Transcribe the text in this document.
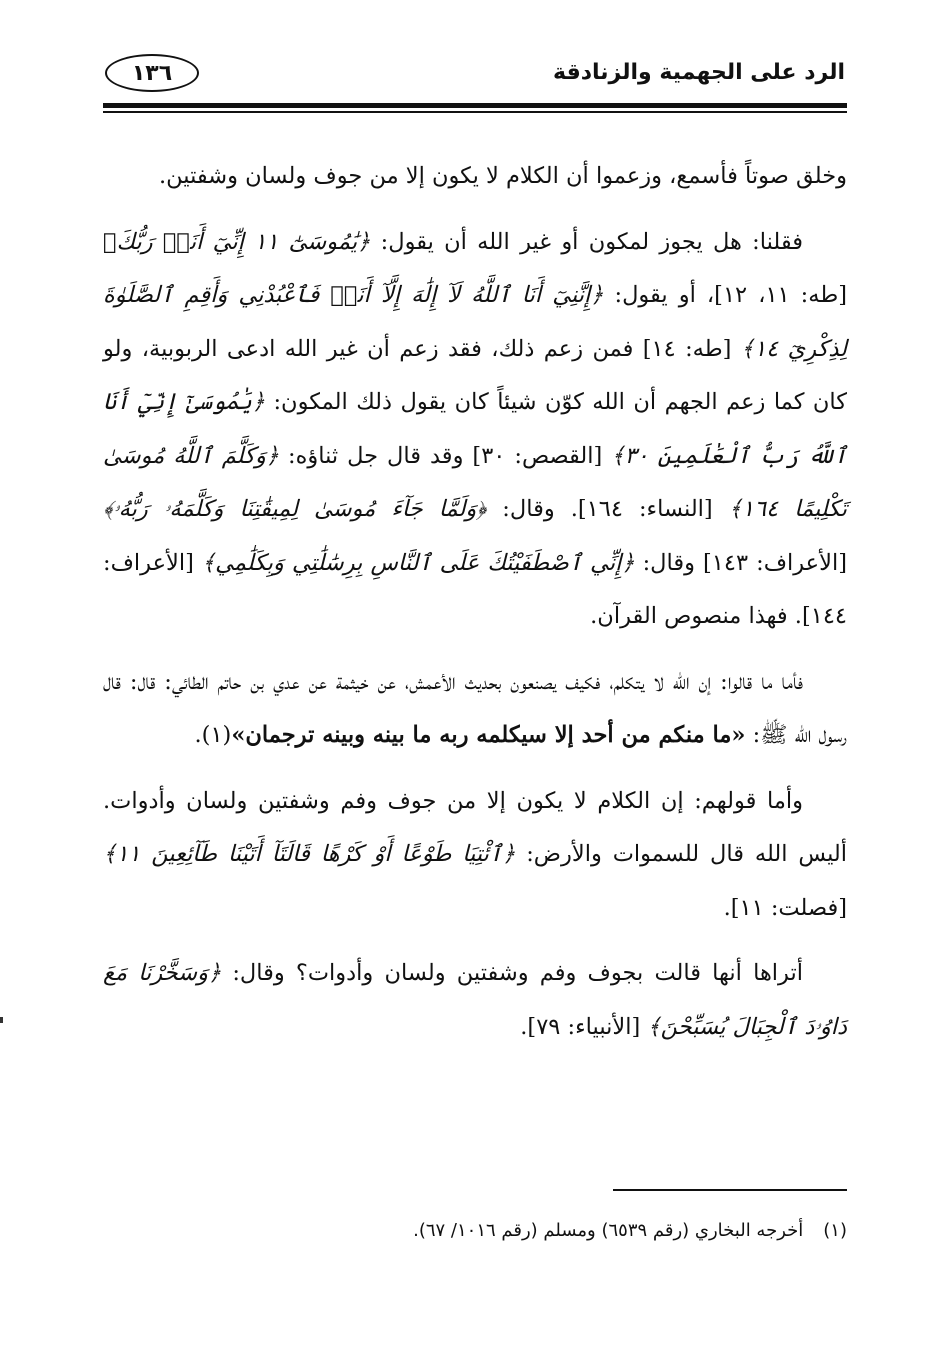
الرد على الجهمية والزنادقة
١٣٦

وخلق صوتاً فأسمع، وزعموا أن الكلام لا يكون إلا من جوف ولسان وشفتين.

فقلنا: هل يجوز لمكون أو غير الله أن يقول: ﴿يَٰمُوسَىٰٓ ١١ إِنِّيٓ أَنَا۠ رَبُّكَ﴾ [طه: ١١، ١٢]، أو يقول: ﴿إِنَّنِيٓ أَنَا ٱللَّهُ لَآ إِلَٰهَ إِلَّآ أَنَا۠ فَٱعْبُدْنِي وَأَقِمِ ٱلصَّلَوٰةَ لِذِكْرِيٓ ١٤﴾ [طه: ١٤] فمن زعم ذلك، فقد زعم أن غير الله ادعى الربوبية، ولو كان كما زعم الجهم أن الله كوّن شيئاً كان يقول ذلك المكون: ﴿يَٰمُوسَىٰٓ إِنِّيٓ أَنَا ٱللَّهُ رَبُّ ٱلْعَٰلَمِينَ ٣٠﴾ [القصص: ٣٠] وقد قال جل ثناؤه: ﴿وَكَلَّمَ ٱللَّهُ مُوسَىٰ تَكْلِيمًا ١٦٤﴾ [النساء: ١٦٤]. وقال: ﴿وَلَمَّا جَآءَ مُوسَىٰ لِمِيقَٰتِنَا وَكَلَّمَهُۥ رَبُّهُۥ﴾ [الأعراف: ١٤٣] وقال: ﴿إِنِّي ٱصْطَفَيْتُكَ عَلَى ٱلنَّاسِ بِرِسَٰلَٰتِي وَبِكَلَٰمِي﴾ [الأعراف: ١٤٤]. فهذا منصوص القرآن.

فأما ما قالوا: إن الله لا يتكلم، فكيف يصنعون بحديث الأعمش، عن خيثمة عن عدي بن حاتم الطائي: قال: قال رسول الله ﷺ: «ما منكم من أحد إلا سيكلمه ربه ما بينه وبينه ترجمان»(١).

وأما قولهم: إن الكلام لا يكون إلا من جوف وفم وشفتين ولسان وأدوات. أليس الله قال للسموات والأرض: ﴿ٱئْتِيَا طَوْعًا أَوْ كَرْهًا قَالَتَآ أَتَيْنَا طَآئِعِينَ ١١﴾ [فصلت: ١١].

أتراها أنها قالت بجوف وفم وشفتين ولسان وأدوات؟ وقال: ﴿وَسَخَّرْنَا مَعَ دَاوُۥدَ ٱلْجِبَالَ يُسَبِّحْنَ﴾ [الأنبياء: ٧٩].

(١)أخرجه البخاري (رقم ٦٥٣٩) ومسلم (رقم ١٠١٦/ ٦٧).
